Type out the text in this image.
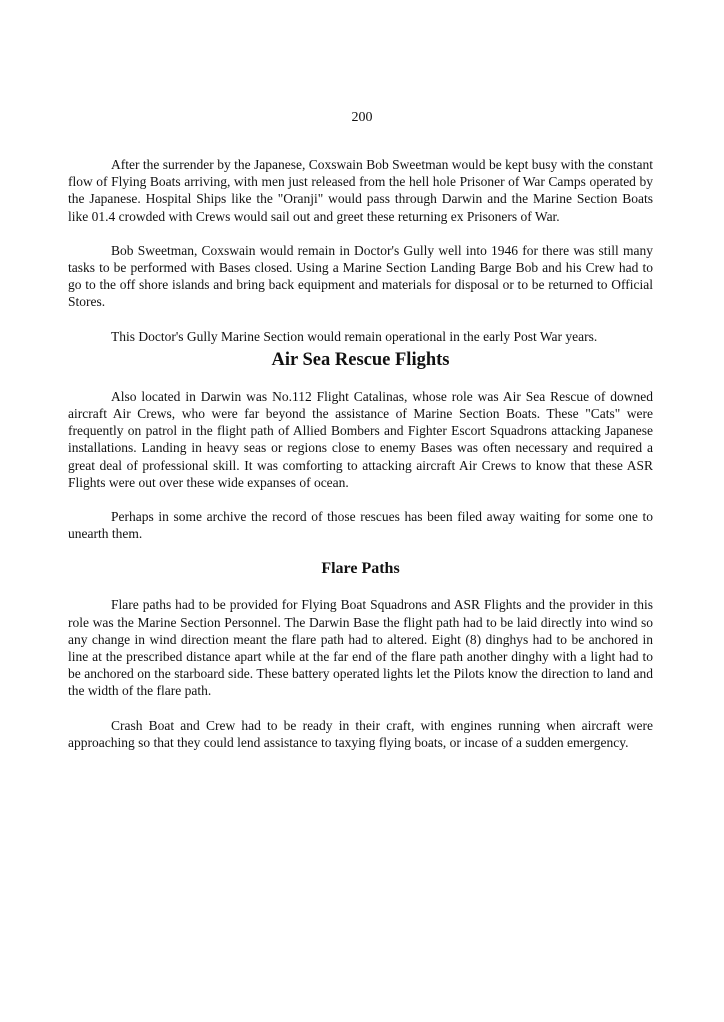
200

After the surrender by the Japanese, Coxswain Bob Sweetman would be kept busy with the constant flow of Flying Boats arriving, with men just released from the hell hole Prisoner of War Camps operated by the Japanese. Hospital Ships like the "Oranji" would pass through Darwin and the Marine Section Boats like 01.4 crowded with Crews would sail out and greet these returning ex Prisoners of War.

Bob Sweetman, Coxswain would remain in Doctor's Gully well into 1946 for there was still many tasks to be performed with Bases closed. Using a Marine Section Landing Barge Bob and his Crew had to go to the off shore islands and bring back equipment and materials for disposal or to be returned to Official Stores.

This Doctor's Gully Marine Section would remain operational in the early Post War years.

Air Sea Rescue Flights

Also located in Darwin was No.112 Flight Catalinas, whose role was Air Sea Rescue of downed aircraft Air Crews, who were far beyond the assistance of Marine Section Boats. These "Cats" were frequently on patrol in the flight path of Allied Bombers and Fighter Escort Squadrons attacking Japanese installations. Landing in heavy seas or regions close to enemy Bases was often necessary and required a great deal of professional skill. It was comforting to attacking aircraft Air Crews to know that these ASR Flights were out over these wide expanses of ocean.

Perhaps in some archive the record of those rescues has been filed away waiting for some one to unearth them.

Flare Paths

Flare paths had to be provided for Flying Boat Squadrons and ASR Flights and the provider in this role was the Marine Section Personnel. The Darwin Base the flight path had to be laid directly into wind so any change in wind direction meant the flare path had to altered. Eight (8) dinghys had to be anchored in line at the prescribed distance apart while at the far end of the flare path another dinghy with a light had to be anchored on the starboard side. These battery operated lights let the Pilots know the direction to land and the width of the flare path.

Crash Boat and Crew had to be ready in their craft, with engines running when aircraft were approaching so that they could lend assistance to taxying flying boats, or incase of a sudden emergency.
